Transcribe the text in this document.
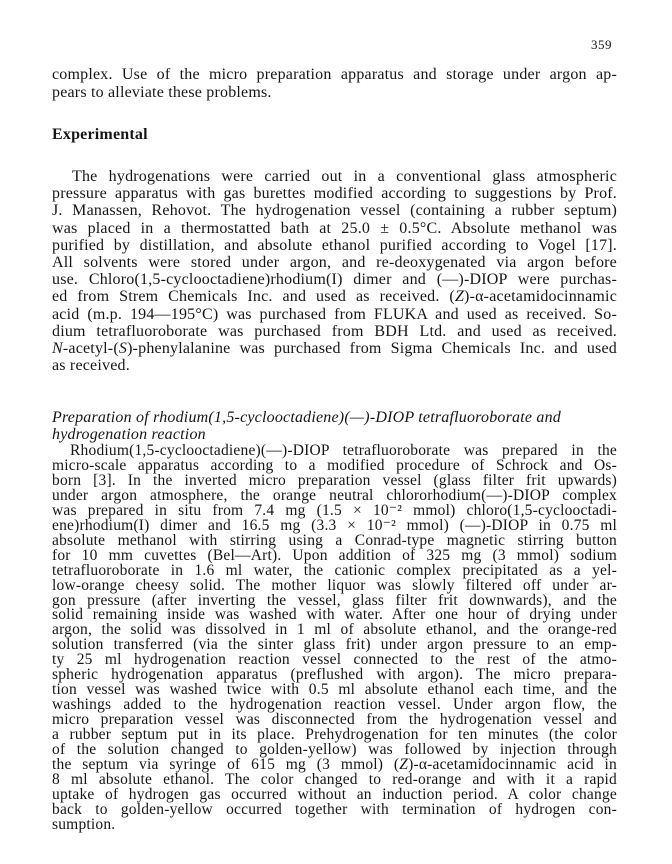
359
complex. Use of the micro preparation apparatus and storage under argon ap-
pears to alleviate these problems.
Experimental
The hydrogenations were carried out in a conventional glass atmospheric
pressure apparatus with gas burettes modified according to suggestions by Prof.
J. Manassen, Rehovot. The hydrogenation vessel (containing a rubber septum)
was placed in a thermostatted bath at 25.0 ± 0.5°C. Absolute methanol was
purified by distillation, and absolute ethanol purified according to Vogel [17].
All solvents were stored under argon, and re-deoxygenated via argon before
use. Chloro(1,5-cyclooctadiene)rhodium(I) dimer and (—)-DIOP were purchas-
ed from Strem Chemicals Inc. and used as received. (Z)-α-acetamidocinnamic
acid (m.p. 194—195°C) was purchased from FLUKA and used as received. So-
dium tetrafluoroborate was purchased from BDH Ltd. and used as received.
N-acetyl-(S)-phenylalanine was purchased from Sigma Chemicals Inc. and used
as received.
Preparation of rhodium(1,5-cyclooctadiene)(—)-DIOP tetrafluoroborate and
hydrogenation reaction
Rhodium(1,5-cyclooctadiene)(—)-DIOP tetrafluoroborate was prepared in the
micro-scale apparatus according to a modified procedure of Schrock and Os-
born [3]. In the inverted micro preparation vessel (glass filter frit upwards)
under argon atmosphere, the orange neutral chlororhodium(—)-DIOP complex
was prepared in situ from 7.4 mg (1.5 × 10⁻² mmol) chloro(1,5-cyclooctadi-
ene)rhodium(I) dimer and 16.5 mg (3.3 × 10⁻² mmol) (—)-DIOP in 0.75 ml
absolute methanol with stirring using a Conrad-type magnetic stirring button
for 10 mm cuvettes (Bel—Art). Upon addition of 325 mg (3 mmol) sodium
tetrafluoroborate in 1.6 ml water, the cationic complex precipitated as a yel-
low-orange cheesy solid. The mother liquor was slowly filtered off under ar-
gon pressure (after inverting the vessel, glass filter frit downwards), and the
solid remaining inside was washed with water. After one hour of drying under
argon, the solid was dissolved in 1 ml of absolute ethanol, and the orange-red
solution transferred (via the sinter glass frit) under argon pressure to an emp-
ty 25 ml hydrogenation reaction vessel connected to the rest of the atmo-
spheric hydrogenation apparatus (preflushed with argon). The micro prepara-
tion vessel was washed twice with 0.5 ml absolute ethanol each time, and the
washings added to the hydrogenation reaction vessel. Under argon flow, the
micro preparation vessel was disconnected from the hydrogenation vessel and
a rubber septum put in its place. Prehydrogenation for ten minutes (the color
of the solution changed to golden-yellow) was followed by injection through
the septum via syringe of 615 mg (3 mmol) (Z)-α-acetamidocinnamic acid in
8 ml absolute ethanol. The color changed to red-orange and with it a rapid
uptake of hydrogen gas occurred without an induction period. A color change
back to golden-yellow occurred together with termination of hydrogen con-
sumption.
